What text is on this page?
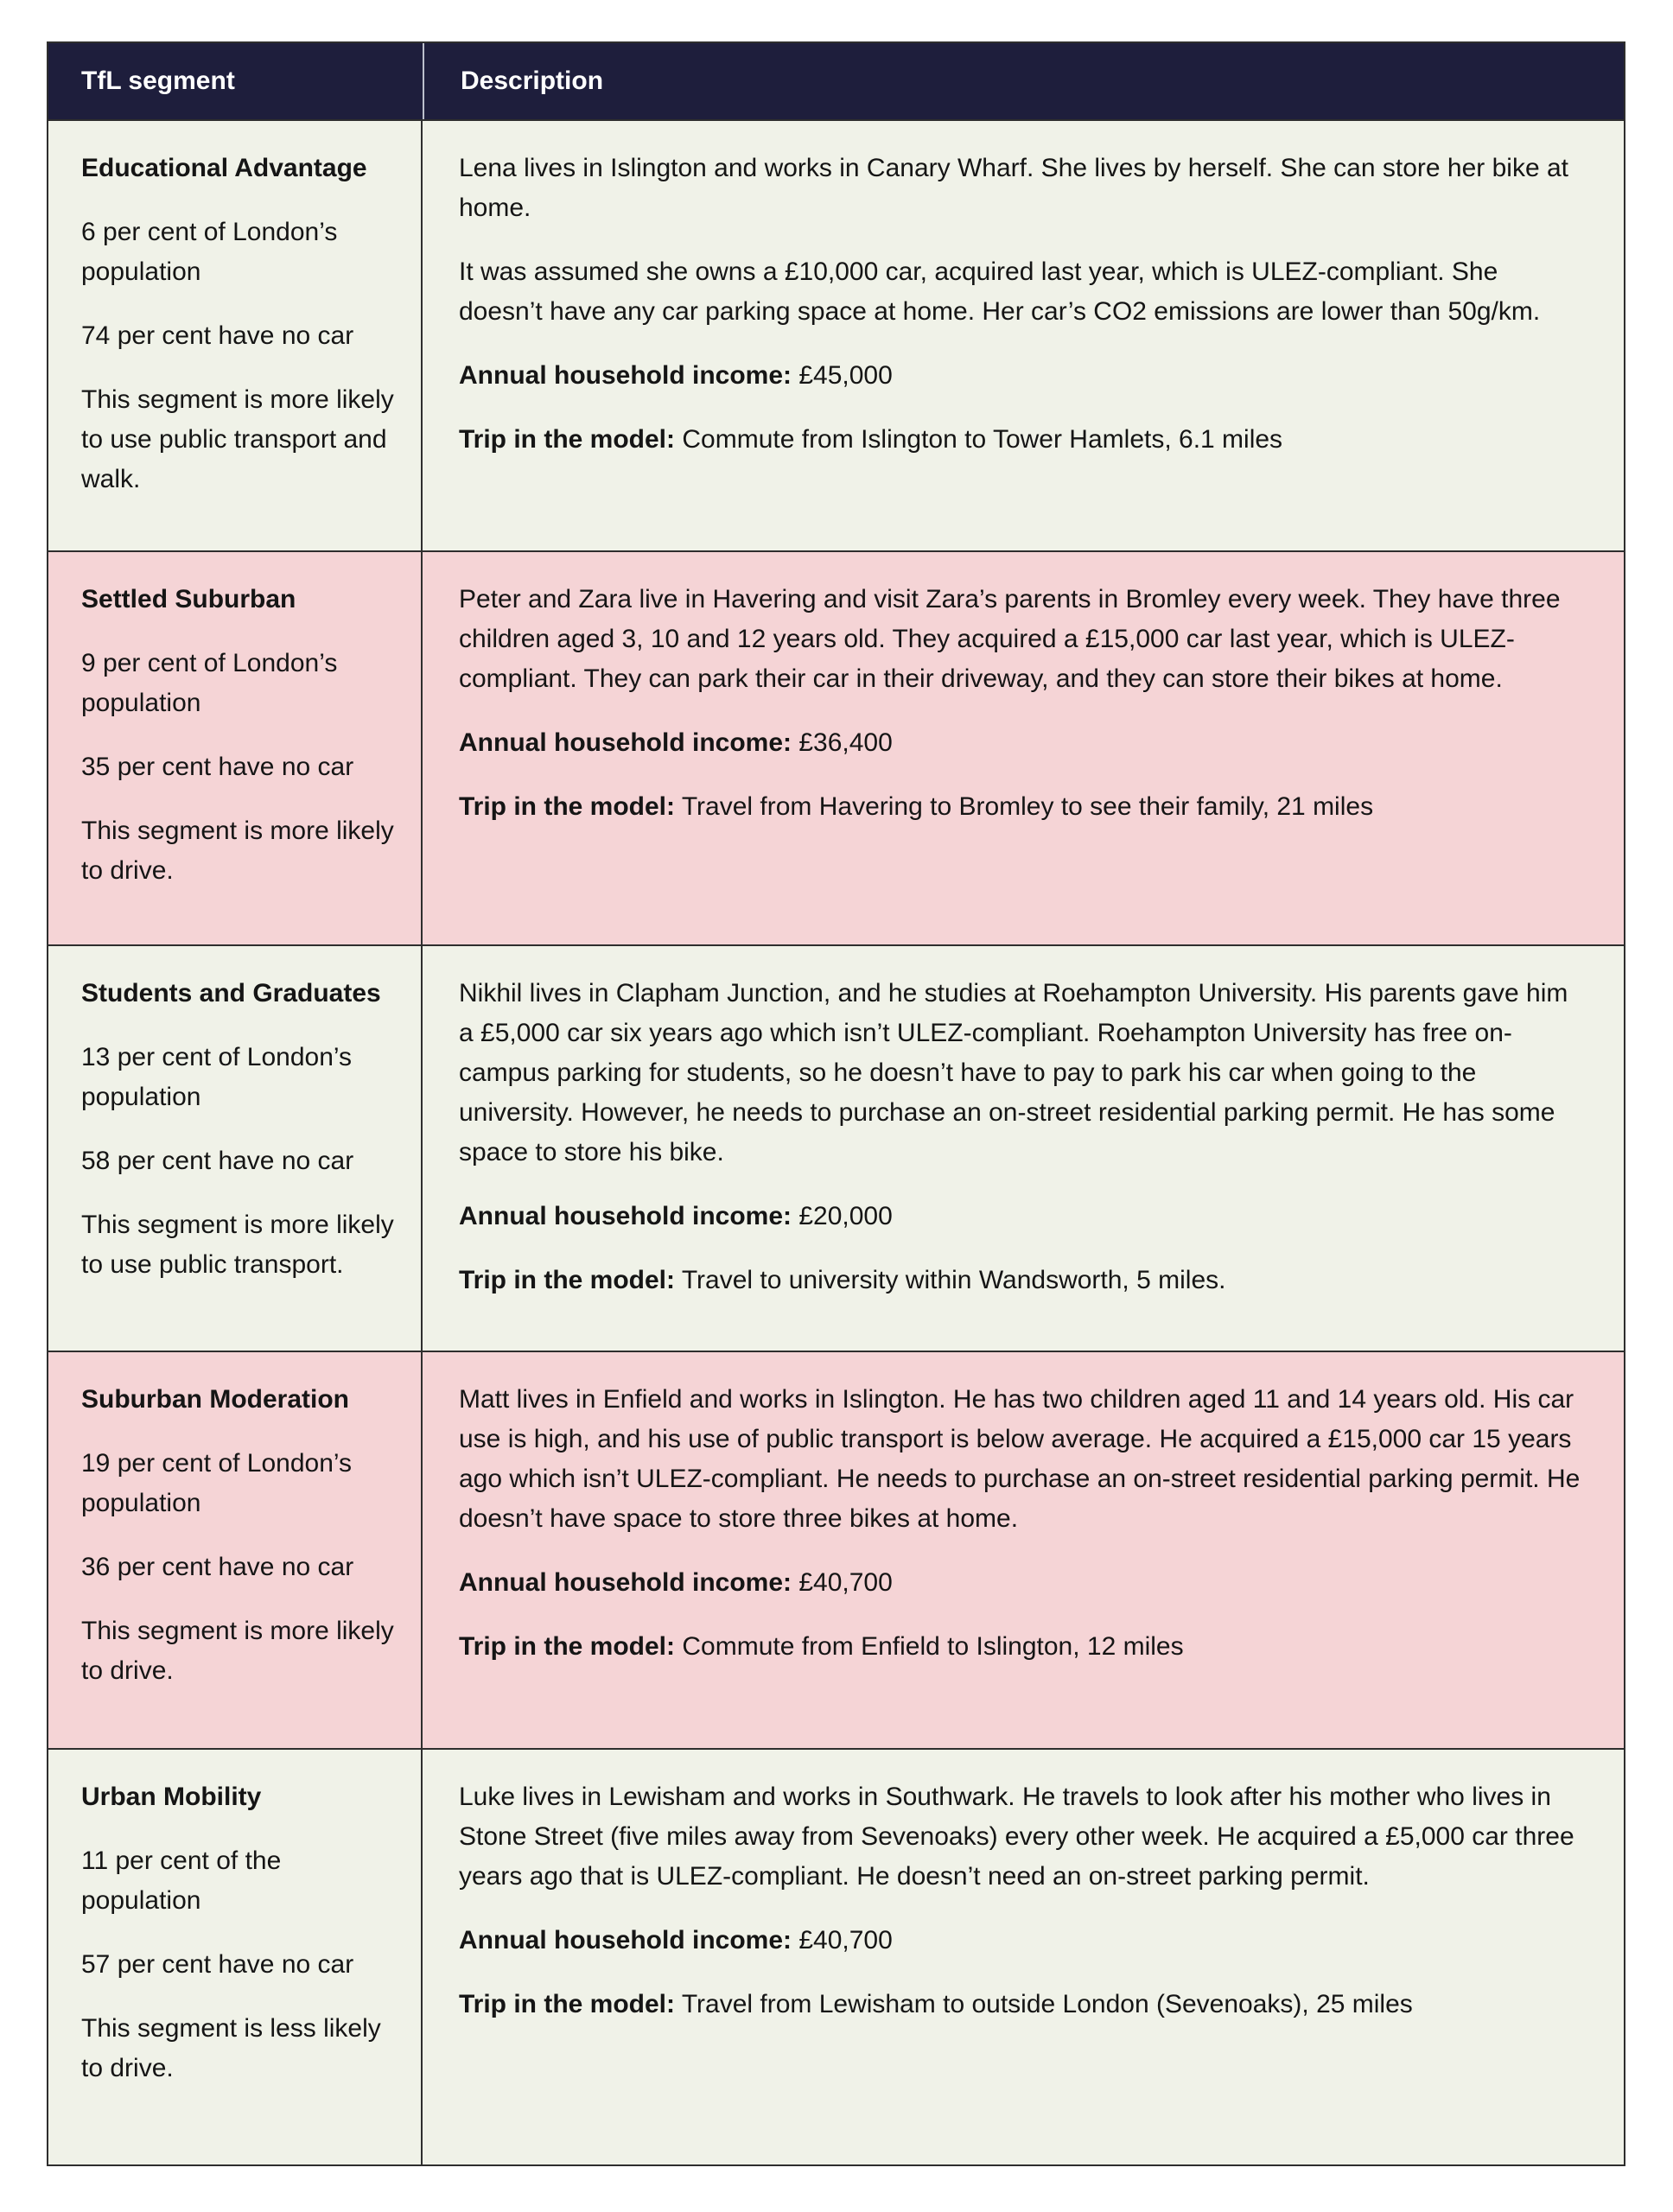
TfL segment	Description

Educational Advantage

6 per cent of London’s population

74 per cent have no car

This segment is more likely to use public transport and walk.

Lena lives in Islington and works in Canary Wharf. She lives by herself. She can store her bike at home.

It was assumed she owns a £10,000 car, acquired last year, which is ULEZ-compliant. She doesn’t have any car parking space at home. Her car’s CO2 emissions are lower than 50g/km.

Annual household income: £45,000

Trip in the model: Commute from Islington to Tower Hamlets, 6.1 miles

Settled Suburban

9 per cent of London’s population

35 per cent have no car

This segment is more likely to drive.

Peter and Zara live in Havering and visit Zara’s parents in Bromley every week. They have three children aged 3, 10 and 12 years old. They acquired a £15,000 car last year, which is ULEZ-compliant. They can park their car in their driveway, and they can store their bikes at home.

Annual household income: £36,400

Trip in the model: Travel from Havering to Bromley to see their family, 21 miles

Students and Graduates

13 per cent of London’s population

58 per cent have no car

This segment is more likely to use public transport.

Nikhil lives in Clapham Junction, and he studies at Roehampton University. His parents gave him a £5,000 car six years ago which isn’t ULEZ-compliant. Roehampton University has free on-campus parking for students, so he doesn’t have to pay to park his car when going to the university. However, he needs to purchase an on-street residential parking permit. He has some space to store his bike.

Annual household income: £20,000

Trip in the model: Travel to university within Wandsworth, 5 miles.

Suburban Moderation

19 per cent of London’s population

36 per cent have no car

This segment is more likely to drive.

Matt lives in Enfield and works in Islington. He has two children aged 11 and 14 years old. His car use is high, and his use of public transport is below average. He acquired a £15,000 car 15 years ago which isn’t ULEZ-compliant. He needs to purchase an on-street residential parking permit. He doesn’t have space to store three bikes at home.

Annual household income: £40,700

Trip in the model: Commute from Enfield to Islington, 12 miles

Urban Mobility

11 per cent of the population

57 per cent have no car

This segment is less likely to drive.

Luke lives in Lewisham and works in Southwark. He travels to look after his mother who lives in Stone Street (five miles away from Sevenoaks) every other week. He acquired a £5,000 car three years ago that is ULEZ-compliant. He doesn’t need an on-street parking permit.

Annual household income: £40,700

Trip in the model: Travel from Lewisham to outside London (Sevenoaks), 25 miles
